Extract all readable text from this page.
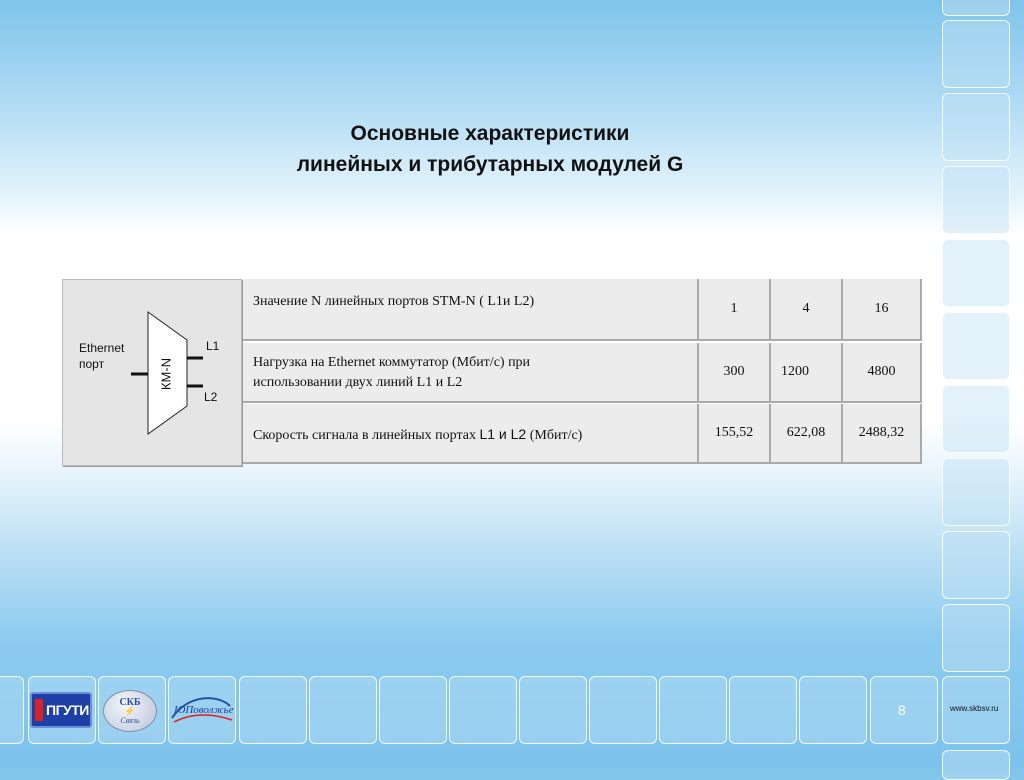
Основные характеристики
линейных и трибутарных модулей G
Ethernet
порт
L1
L2
КМ-N
Значение N линейных портов STM-N ( L1и L2)	1	4	16
Нагрузка на Ethernet коммутатор (Мбит/с) при
использовании двух линий L1 и L2
300	1200	4800
Скорость сигнала в линейных портах L1 и L2 (Мбит/с)	155,52	622,08	2488,32
ПГУТИ	СКБ
⚡
Связь
ЮПоволжье	8	www.skbsv.ru
